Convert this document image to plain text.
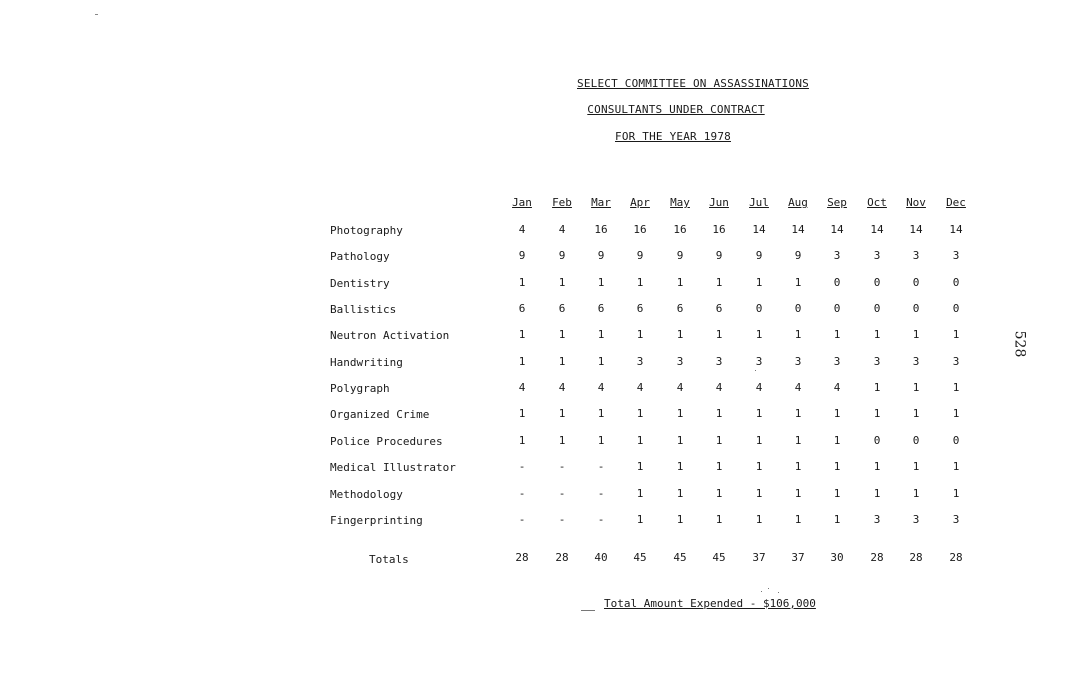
SELECT COMMITTEE ON ASSASSINATIONS
CONSULTANTS UNDER CONTRACT
FOR THE YEAR 1978
Jan	Feb	Mar	Apr	May	Jun	Jul	Aug	Sep	Oct	Nov	Dec
Photography	4	4	16	16	16	16	14	14	14	14	14	14
Pathology	9	9	9	9	9	9	9	9	3	3	3	3
Dentistry	1	1	1	1	1	1	1	1	0	0	0	0
Ballistics	6	6	6	6	6	6	0	0	0	0	0	0
Neutron Activation	1	1	1	1	1	1	1	1	1	1	1	1
Handwriting	1	1	1	3	3	3	3	3	3	3	3	3
Polygraph	4	4	4	4	4	4	4	4	4	1	1	1
Organized Crime	1	1	1	1	1	1	1	1	1	1	1	1
Police Procedures	1	1	1	1	1	1	1	1	1	0	0	0
Medical Illustrator	-	-	-	1	1	1	1	1	1	1	1	1
Methodology	-	-	-	1	1	1	1	1	1	1	1	1
Fingerprinting	-	-	-	1	1	1	1	1	1	3	3	3
Totals	28	28	40	45	45	45	37	37	30	28	28	28
Total Amount Expended - $106,000
528
